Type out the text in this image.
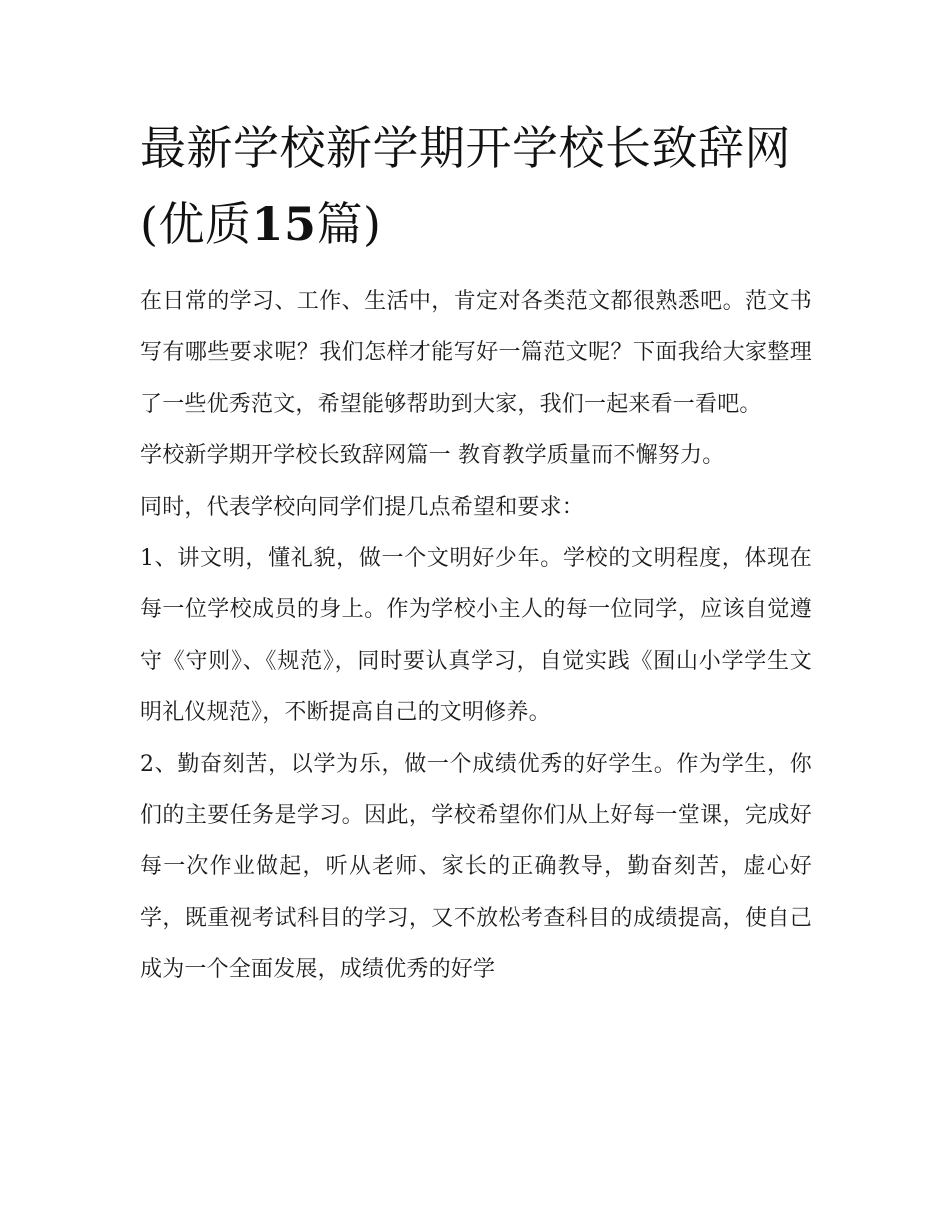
最新学校新学期开学校长致辞网(优质15篇)

在日常的学习、工作、生活中，肯定对各类范文都很熟悉吧。范文书写有哪些要求呢？我们怎样才能写好一篇范文呢？下面我给大家整理了一些优秀范文，希望能够帮助到大家，我们一起来看一看吧。

学校新学期开学校长致辞网篇一 教育教学质量而不懈努力。

同时，代表学校向同学们提几点希望和要求：

1、讲文明，懂礼貌，做一个文明好少年。学校的文明程度，体现在每一位学校成员的身上。作为学校小主人的每一位同学，应该自觉遵守《守则》、《规范》，同时要认真学习，自觉实践《囿山小学学生文明礼仪规范》，不断提高自己的文明修养。

2、勤奋刻苦，以学为乐，做一个成绩优秀的好学生。作为学生，你们的主要任务是学习。因此，学校希望你们从上好每一堂课，完成好每一次作业做起，听从老师、家长的正确教导，勤奋刻苦，虚心好学，既重视考试科目的学习，又不放松考查科目的成绩提高，使自己成为一个全面发展，成绩优秀的好学
